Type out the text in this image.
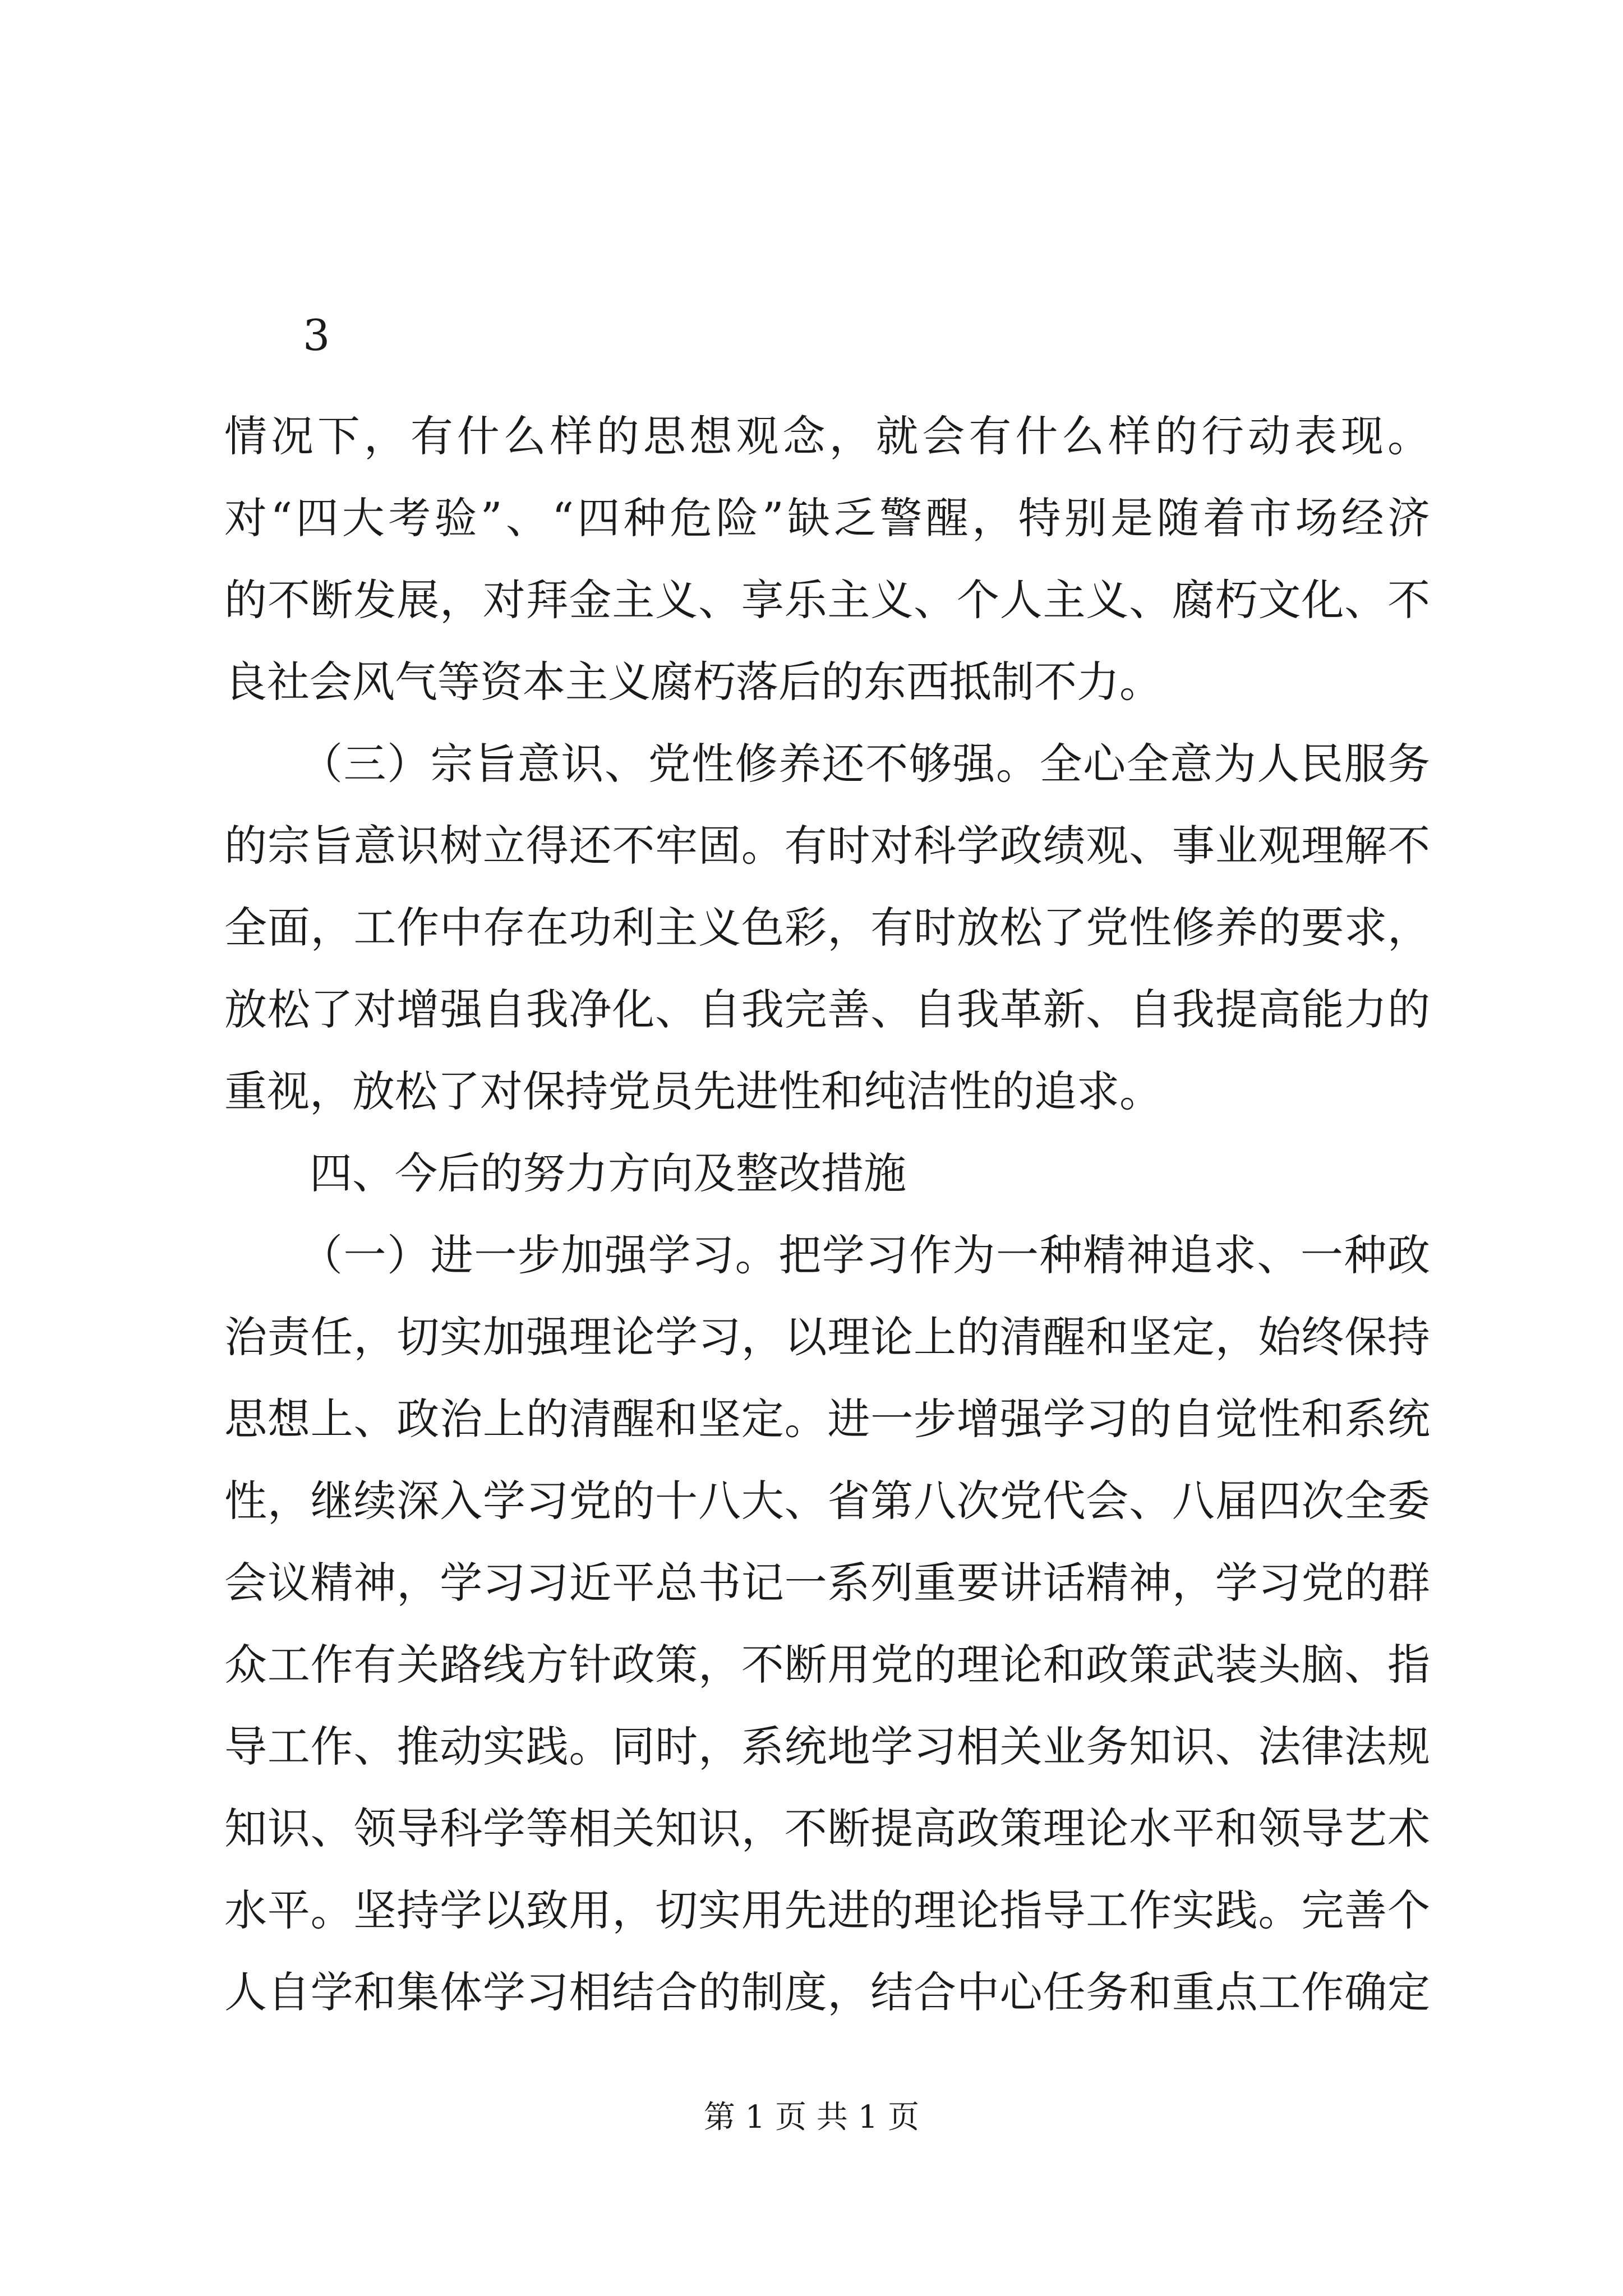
3
情况下，有什么样的思想观念，就会有什么样的行动表现。
对“四大考验”、“四种危险”缺乏警醒，特别是随着市场经济
的不断发展，对拜金主义、享乐主义、个人主义、腐朽文化、不
良社会风气等资本主义腐朽落后的东西抵制不力。
（三）宗旨意识、党性修养还不够强。全心全意为人民服务
的宗旨意识树立得还不牢固。有时对科学政绩观、事业观理解不
全面，工作中存在功利主义色彩，有时放松了党性修养的要求，
放松了对增强自我净化、自我完善、自我革新、自我提高能力的
重视，放松了对保持党员先进性和纯洁性的追求。
四、今后的努力方向及整改措施
（一）进一步加强学习。把学习作为一种精神追求、一种政
治责任，切实加强理论学习，以理论上的清醒和坚定，始终保持
思想上、政治上的清醒和坚定。进一步增强学习的自觉性和系统
性，继续深入学习党的十八大、省第八次党代会、八届四次全委
会议精神，学习习近平总书记一系列重要讲话精神，学习党的群
众工作有关路线方针政策，不断用党的理论和政策武装头脑、指
导工作、推动实践。同时，系统地学习相关业务知识、法律法规
知识、领导科学等相关知识，不断提高政策理论水平和领导艺术
水平。坚持学以致用，切实用先进的理论指导工作实践。完善个
人自学和集体学习相结合的制度，结合中心任务和重点工作确定
第 1 页 共 1 页
